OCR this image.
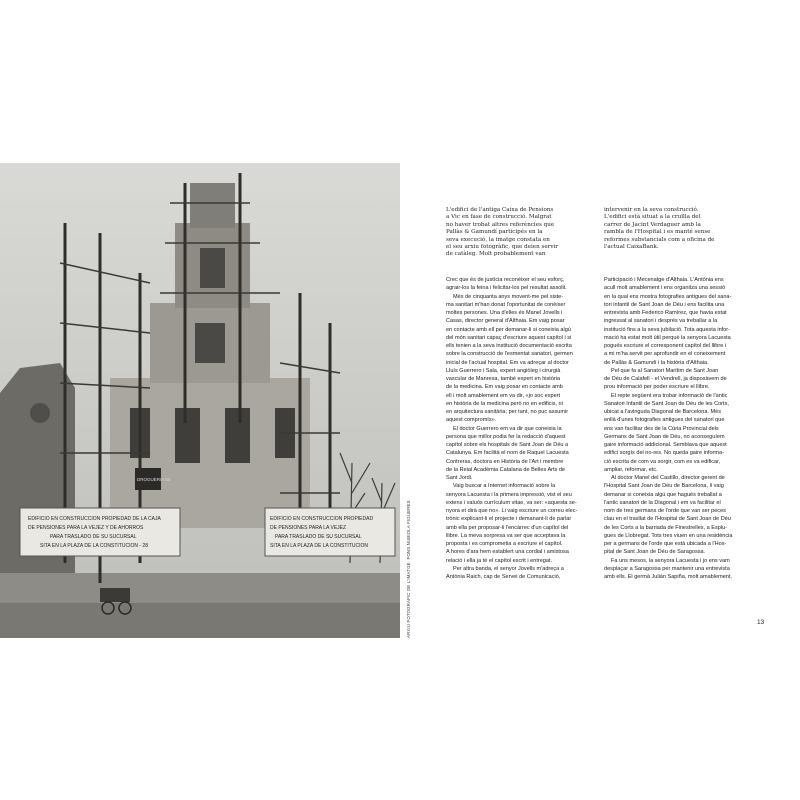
EDIFICIO EN CONSTRUCCION PROPIEDAD DE LA CAJA
DE PENSIONES PARA LA VEJEZ Y DE AHORROS
PARA TRASLADO DE SU SUCURSAL
SITA EN LA PLAZA DE LA CONSTITUCION - 28
EDIFICIO EN CONSTRUCCION PROPIEDAD
DE PENSIONES PARA LA VEJEZ
PARA TRASLADO DE SU SUCURSAL
SITA EN LA PLAZA DE LA CONSTITUCION
DROGUERIA 64
ARXIU FOTOGRÀFIC DE L'IMATGE. FONS NUBIOLA FIGUERES

L'edifici de l'antiga Caixa de Pensions
a Vic en fase de construcció. Malgrat
no haver trobat altres referències que
Pallàs & Gamundí participés en la
seva execució, la imatge constata en
el seu arxiu fotogràfic, que deien servir
de catàleg. Molt probablement van

intervenir en la seva construcció.
L'edifici està situat a la cruïlla del
carrer de Jacint Verdaguer amb la
rambla de l'Hospital i es manté sense
reformes substancials com a oficina de
l'actual CaixaBank.

Crec que és de justícia reconèixer el seu esforç,
agrair-los la feina i felicitar-los pel resultat assolit.

Més de cinquanta anys movent-me pel siste-
ma sanitari m'han donat l'oportunitat de conèixer
moltes persones. Una d'elles és Manel Jovells i
Casas, director general d'Althaia. Em vaig posar
en contacte amb ell per demanar-li si coneixia algú
del món sanitari capaç d'escriure aquest capítol i si
ells tenien a la seva institució documentació escrita
sobre la construcció de l'esmentat sanatori, germen
inicial de l'actual hospital. Em va adreçar al doctor
Lluís Guerrero i Sala, expert angiòleg i cirurgià
vascular de Manresa, també expert en història
de la medicina. Em vaig posar en contacte amb
ell i molt amablement em va dir, «jo soc expert
en història de la medicina però no en edificis, ni
en arquitectura sanitària; per tant, no puc assumir
aquest compromís».

El doctor Guerrero em va dir que coneixia la
persona que millor podia fer la redacció d'aquest
capítol sobre els hospitals de Sant Joan de Déu a
Catalunya. Em facilità el nom de Raquel Lacuesta
Contreras, doctora en Història de l'Art i membre
de la Reial Acadèmia Catalana de Belles Arts de
Sant Jordi.

Vaig buscar a Internet informació sobre la
senyora Lacuesta i la primera impressió, vist el seu
extens i valuós currículum vitae, va ser: «aquesta se-
nyora et dirà que no». Li vaig escriure un correu elec-
trònic explicant-li el projecte i demanant-li de parlar
amb ella per proposar-li l'encàrrec d'un capítol del
llibre. La meva sorpresa va ser que acceptava la
proposta i es comprometia a escriure el capítol.
A hores d'ara hem establert una cordial i amistosa
relació i ella ja té el capítol escrit i entregat.

Per altra banda, el senyor Jovells m'adreça a
Antònia Raich, cap de Servei de Comunicació,

Participació i Mecenatge d'Althaia. L'Antònia ens
acull molt amablement i ens organitza una sessió
en la qual ens mostra fotografies antigues del sana-
tori infantil de Sant Joan de Déu i ens facilita una
entrevista amb Federico Ramírez, que havia estat
ingressat al sanatori i després va treballar a la
institució fins a la seva jubilació. Tota aquesta infor-
mació ha estat molt útil perquè la senyora Lacuesta
pogués escriure el corresponent capítol del llibre i
a mi m'ha servit per aprofundir en el coneixement
de Pallàs & Gamundí i la història d'Althaia.

Pel que fa al Sanatori Marítim de Sant Joan
de Déu de Calafell - el Vendrell, ja disposàvem de
prou informació per poder escriure el llibre.

El repte següent era trobar informació de l'antic
Sanatori Infantil de Sant Joan de Déu de les Corts,
ubicat a l'avinguda Diagonal de Barcelona. Més
enllà d'unes fotografies antigues del sanatori que
ens van facilitar des de la Cúria Provincial dels
Germans de Sant Joan de Déu, no aconseguíem
gaire informació addicional. Semblava que aquest
edifici sorgís del no-res. No queda gaire informa-
ció escrita de com va sorgir, com es va edificar,
ampliar, reformar, etc.

Al doctor Manel del Castillo, director gerent de
l'Hospital Sant Joan de Déu de Barcelona, li vaig
demanar si coneixia algú que hagués treballat a
l'antic sanatori de la Diagonal i em va facilitar el
nom de tres germans de l'orde que van ser peces
clau en el trasllat de l'Hospital de Sant Joan de Déu
de les Corts a la barriada de Finestrelles, a Esplu-
gues de Llobregat. Tots tres viuen en una residència
per a germans de l'orde que està ubicada a l'Hos-
pital de Sant Joan de Déu de Saragossa.

Fa uns mesos, la senyora Lacuesta i jo ens vam
desplaçar a Saragossa per mantenir una entrevista
amb ells. El germà Julián Sapiña, molt amablement,

13
